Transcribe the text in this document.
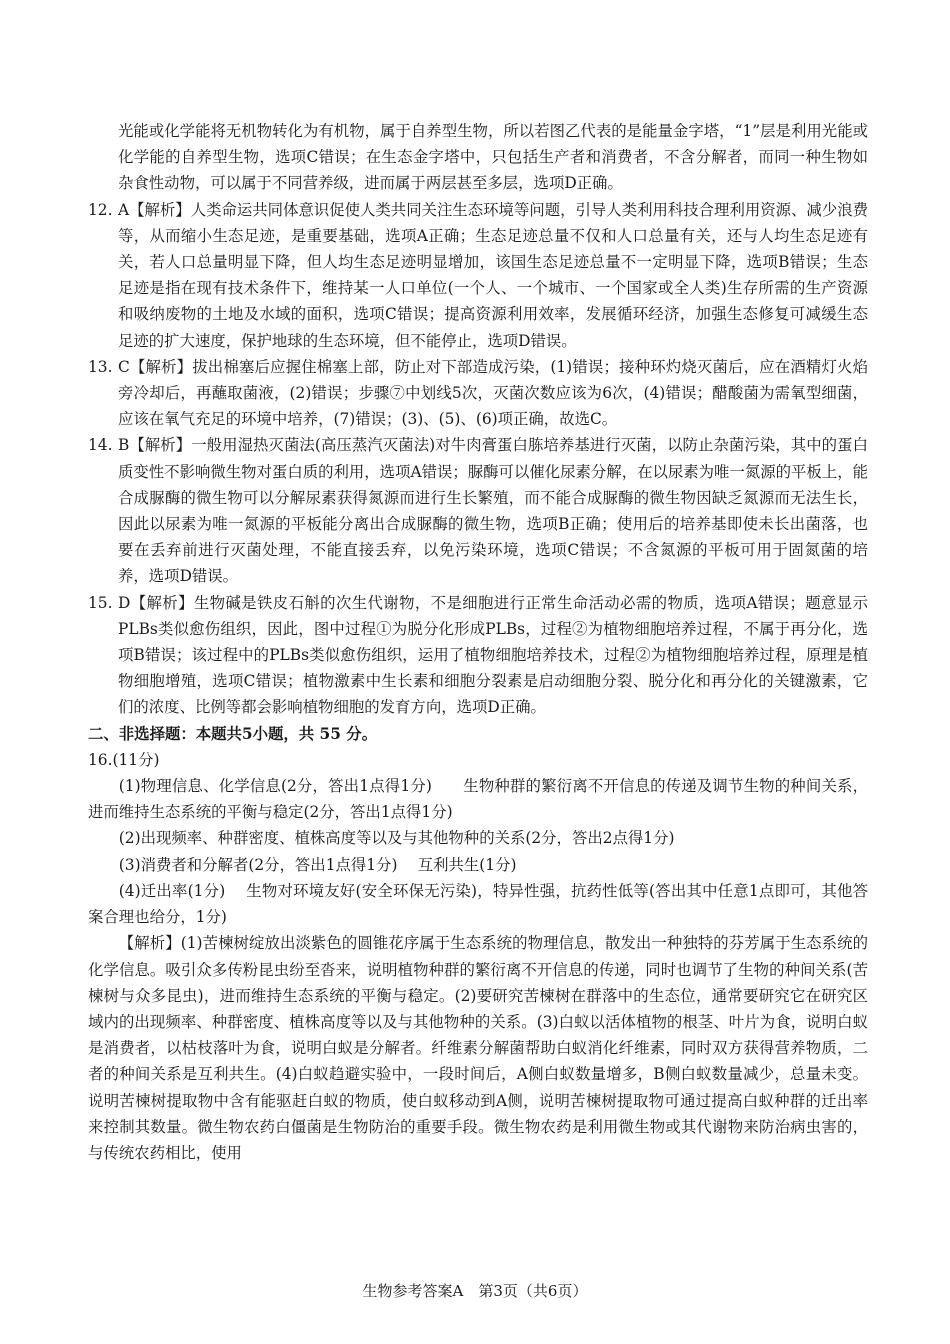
光能或化学能将无机物转化为有机物，属于自养型生物，所以若图乙代表的是能量金字塔，“1”层是利用光能或化学能的自养型生物，选项C错误；在生态金字塔中，只包括生产者和消费者，不含分解者，而同一种生物如杂食性动物，可以属于不同营养级，进而属于两层甚至多层，选项D正确。
12. A【解析】人类命运共同体意识促使人类共同关注生态环境等问题，引导人类利用科技合理利用资源、减少浪费等，从而缩小生态足迹，是重要基础，选项A正确；生态足迹总量不仅和人口总量有关，还与人均生态足迹有关，若人口总量明显下降，但人均生态足迹明显增加，该国生态足迹总量不一定明显下降，选项B错误；生态足迹是指在现有技术条件下，维持某一人口单位(一个人、一个城市、一个国家或全人类)生存所需的生产资源和吸纳废物的土地及水域的面积，选项C错误；提高资源利用效率，发展循环经济，加强生态修复可减缓生态足迹的扩大速度，保护地球的生态环境，但不能停止，选项D错误。
13. C【解析】拔出棉塞后应握住棉塞上部，防止对下部造成污染，(1)错误；接种环灼烧灭菌后，应在酒精灯火焰旁冷却后，再蘸取菌液，(2)错误；步骤⑦中划线5次，灭菌次数应该为6次，(4)错误；醋酸菌为需氧型细菌，应该在氧气充足的环境中培养，(7)错误；(3)、(5)、(6)项正确，故选C。
14. B【解析】一般用湿热灭菌法(高压蒸汽灭菌法)对牛肉膏蛋白胨培养基进行灭菌，以防止杂菌污染，其中的蛋白质变性不影响微生物对蛋白质的利用，选项A错误；脲酶可以催化尿素分解，在以尿素为唯一氮源的平板上，能合成脲酶的微生物可以分解尿素获得氮源而进行生长繁殖，而不能合成脲酶的微生物因缺乏氮源而无法生长，因此以尿素为唯一氮源的平板能分离出合成脲酶的微生物，选项B正确；使用后的培养基即使未长出菌落，也要在丢弃前进行灭菌处理，不能直接丢弃，以免污染环境，选项C错误；不含氮源的平板可用于固氮菌的培养，选项D错误。
15. D【解析】生物碱是铁皮石斛的次生代谢物，不是细胞进行正常生命活动必需的物质，选项A错误；题意显示PLBs类似愈伤组织，因此，图中过程①为脱分化形成PLBs，过程②为植物细胞培养过程，不属于再分化，选项B错误；该过程中的PLBs类似愈伤组织，运用了植物细胞培养技术，过程②为植物细胞培养过程，原理是植物细胞增殖，选项C错误；植物激素中生长素和细胞分裂素是启动细胞分裂、脱分化和再分化的关键激素，它们的浓度、比例等都会影响植物细胞的发育方向，选项D正确。
二、非选择题：本题共5小题，共 55 分。
16.(11分)
(1)物理信息、化学信息(2分，答出1点得1分)　　生物种群的繁衍离不开信息的传递及调节生物的种间关系，进而维持生态系统的平衡与稳定(2分，答出1点得1分)
(2)出现频率、种群密度、植株高度等以及与其他物种的关系(2分，答出2点得1分)
(3)消费者和分解者(2分，答出1点得1分)　 互利共生(1分)
(4)迁出率(1分)　 生物对环境友好(安全环保无污染)，特异性强，抗药性低等(答出其中任意1点即可，其他答案合理也给分，1分)
【解析】(1)苦楝树绽放出淡紫色的圆锥花序属于生态系统的物理信息，散发出一种独特的芬芳属于生态系统的化学信息。吸引众多传粉昆虫纷至沓来，说明植物种群的繁衍离不开信息的传递，同时也调节了生物的种间关系(苦楝树与众多昆虫)，进而维持生态系统的平衡与稳定。(2)要研究苦楝树在群落中的生态位，通常要研究它在研究区域内的出现频率、种群密度、植株高度等以及与其他物种的关系。(3)白蚁以活体植物的根茎、叶片为食，说明白蚁是消费者，以枯枝落叶为食，说明白蚁是分解者。纤维素分解菌帮助白蚁消化纤维素，同时双方获得营养物质，二者的种间关系是互利共生。(4)白蚁趋避实验中，一段时间后，A侧白蚁数量增多，B侧白蚁数量减少，总量未变。说明苦楝树提取物中含有能驱赶白蚁的物质，使白蚁移动到A侧，说明苦楝树提取物可通过提高白蚁种群的迁出率来控制其数量。微生物农药白僵菌是生物防治的重要手段。微生物农药是利用微生物或其代谢物来防治病虫害的，与传统农药相比，使用
生物参考答案A　第3页（共6页）
